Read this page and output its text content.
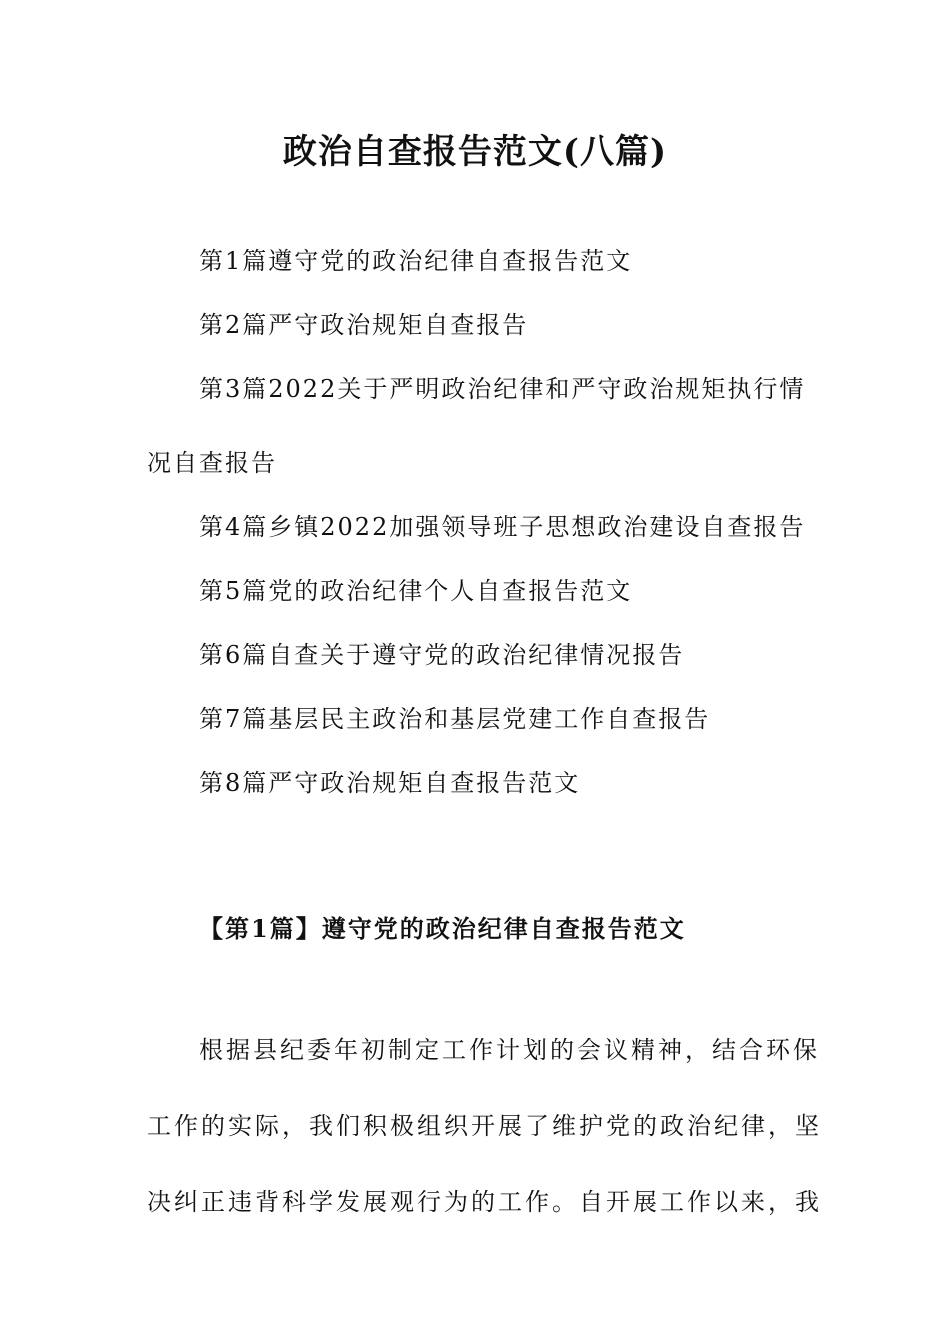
政治自查报告范文(八篇)
第1篇遵守党的政治纪律自查报告范文
第2篇严守政治规矩自查报告
第3篇2022关于严明政治纪律和严守政治规矩执行情
况自查报告
第4篇乡镇2022加强领导班子思想政治建设自查报告
第5篇党的政治纪律个人自查报告范文
第6篇自查关于遵守党的政治纪律情况报告
第7篇基层民主政治和基层党建工作自查报告
第8篇严守政治规矩自查报告范文
【第1篇】遵守党的政治纪律自查报告范文

根据县纪委年初制定工作计划的会议精神，结合环保
工作的实际，我们积极组织开展了维护党的政治纪律，坚
决纠正违背科学发展观行为的工作。自开展工作以来，我
